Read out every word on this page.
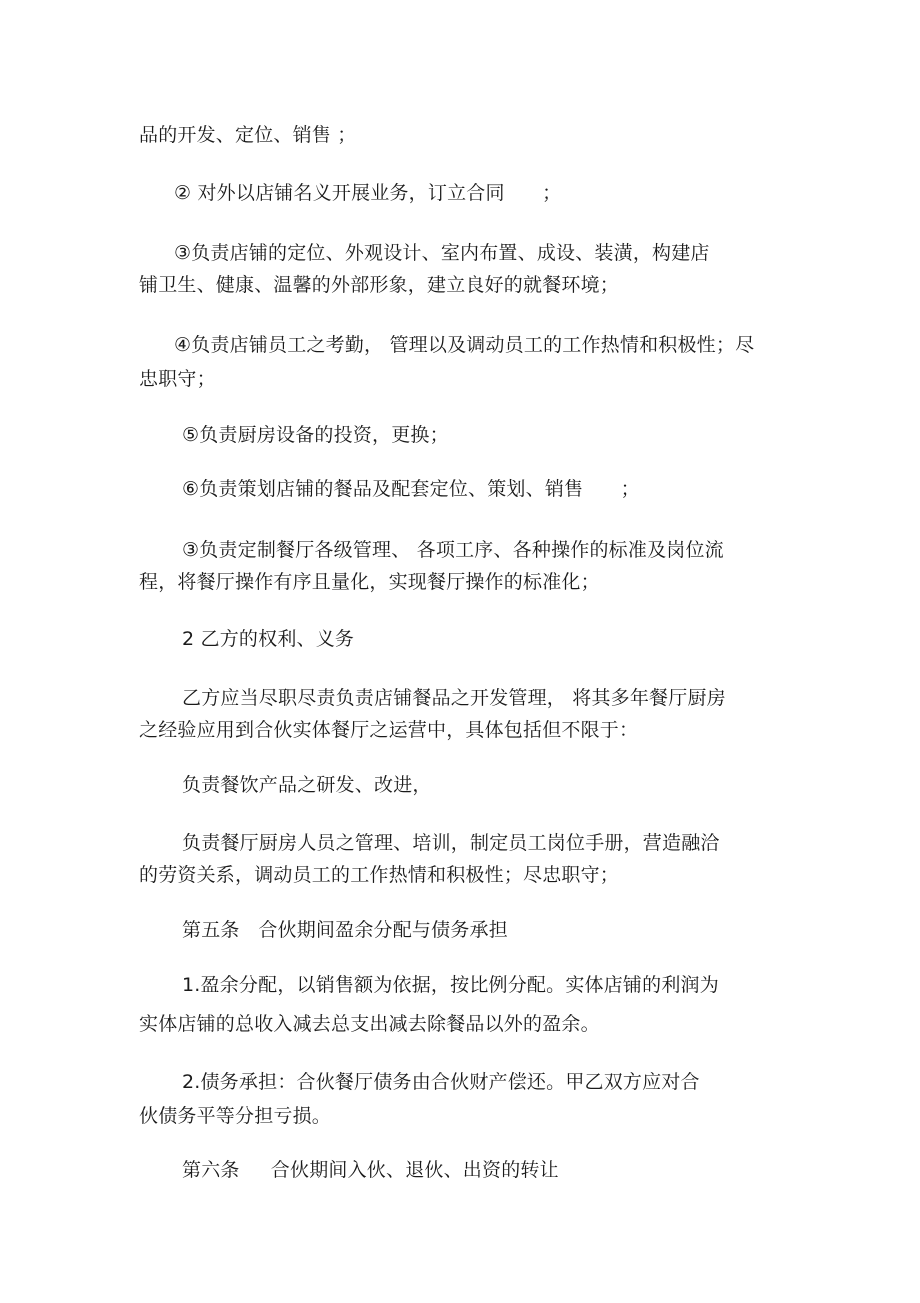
品的开发、定位、销售 ；
② 对外以店铺名义开展业务，订立合同      ；
③负责店铺的定位、外观设计、室内布置、成设、装潢，构建店
铺卫生、健康、温馨的外部形象，建立良好的就餐环境；
④负责店铺员工之考勤， 管理以及调动员工的工作热情和积极性；尽
忠职守；
⑤负责厨房设备的投资，更换；
⑥负责策划店铺的餐品及配套定位、策划、销售      ；
③负责定制餐厅各级管理、 各项工序、各种操作的标准及岗位流
程，将餐厅操作有序且量化，实现餐厅操作的标准化；
2 乙方的权利、义务
乙方应当尽职尽责负责店铺餐品之开发管理， 将其多年餐厅厨房
之经验应用到合伙实体餐厅之运营中，具体包括但不限于：
负责餐饮产品之研发、改进，
负责餐厅厨房人员之管理、培训，制定员工岗位手册，营造融洽
的劳资关系，调动员工的工作热情和积极性；尽忠职守；
第五条   合伙期间盈余分配与债务承担
1.盈余分配，以销售额为依据，按比例分配。实体店铺的利润为
实体店铺的总收入减去总支出减去除餐品以外的盈余。
2.债务承担：合伙餐厅债务由合伙财产偿还。甲乙双方应对合
伙债务平等分担亏损。
第六条     合伙期间入伙、退伙、出资的转让
